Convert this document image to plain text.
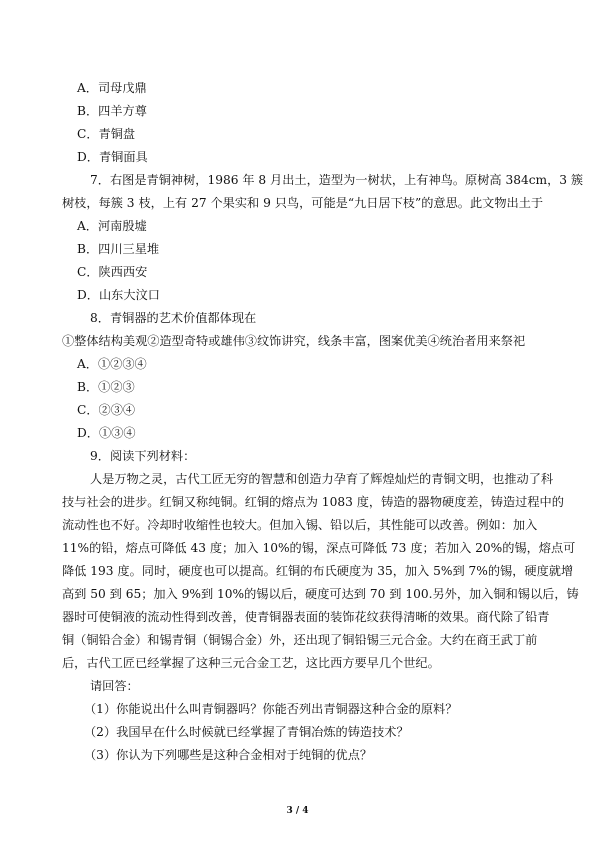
A．司母戊鼎
B．四羊方尊
C．青铜盘
D．青铜面具
7．右图是青铜神树，1986 年 8 月出土，造型为一树状，上有神鸟。原树高 384cm，3 簇
树枝，每簇 3 枝，上有 27 个果实和 9 只鸟，可能是“九日居下枝”的意思。此文物出土于
A．河南殷墟
B．四川三星堆
C．陕西西安
D．山东大汶口
8．青铜器的艺术价值都体现在
①整体结构美观②造型奇特或雄伟③纹饰讲究，线条丰富，图案优美④统治者用来祭祀
A．①②③④
B．①②③
C．②③④
D．①③④
9．阅读下列材料：
人是万物之灵，古代工匠无穷的智慧和创造力孕育了辉煌灿烂的青铜文明，也推动了科
技与社会的进步。红铜又称纯铜。红铜的熔点为 1083 度，铸造的器物硬度差，铸造过程中的
流动性也不好。冷却时收缩性也较大。但加入锡、铅以后，其性能可以改善。例如：加入
11%的铅，熔点可降低 43 度；加入 10%的锡，深点可降低 73 度；若加入 20%的锡，熔点可
降低 193 度。同时，硬度也可以提高。红铜的布氏硬度为 35，加入 5%到 7%的锡，硬度就增
高到 50 到 65；加入 9%到 10%的锡以后，硬度可达到 70 到 100.另外，加入铜和锡以后，铸
器时可使铜液的流动性得到改善，使青铜器表面的装饰花纹获得清晰的效果。商代除了铅青
铜（铜铅合金）和锡青铜（铜锡合金）外，还出现了铜铅锡三元合金。大约在商王武丁前
后，古代工匠已经掌握了这种三元合金工艺，这比西方要早几个世纪。
请回答：
（1）你能说出什么叫青铜器吗？你能否列出青铜器这种合金的原料？
（2）我国早在什么时候就已经掌握了青铜冶炼的铸造技术？
（3）你认为下列哪些是这种合金相对于纯铜的优点？
3 / 4
